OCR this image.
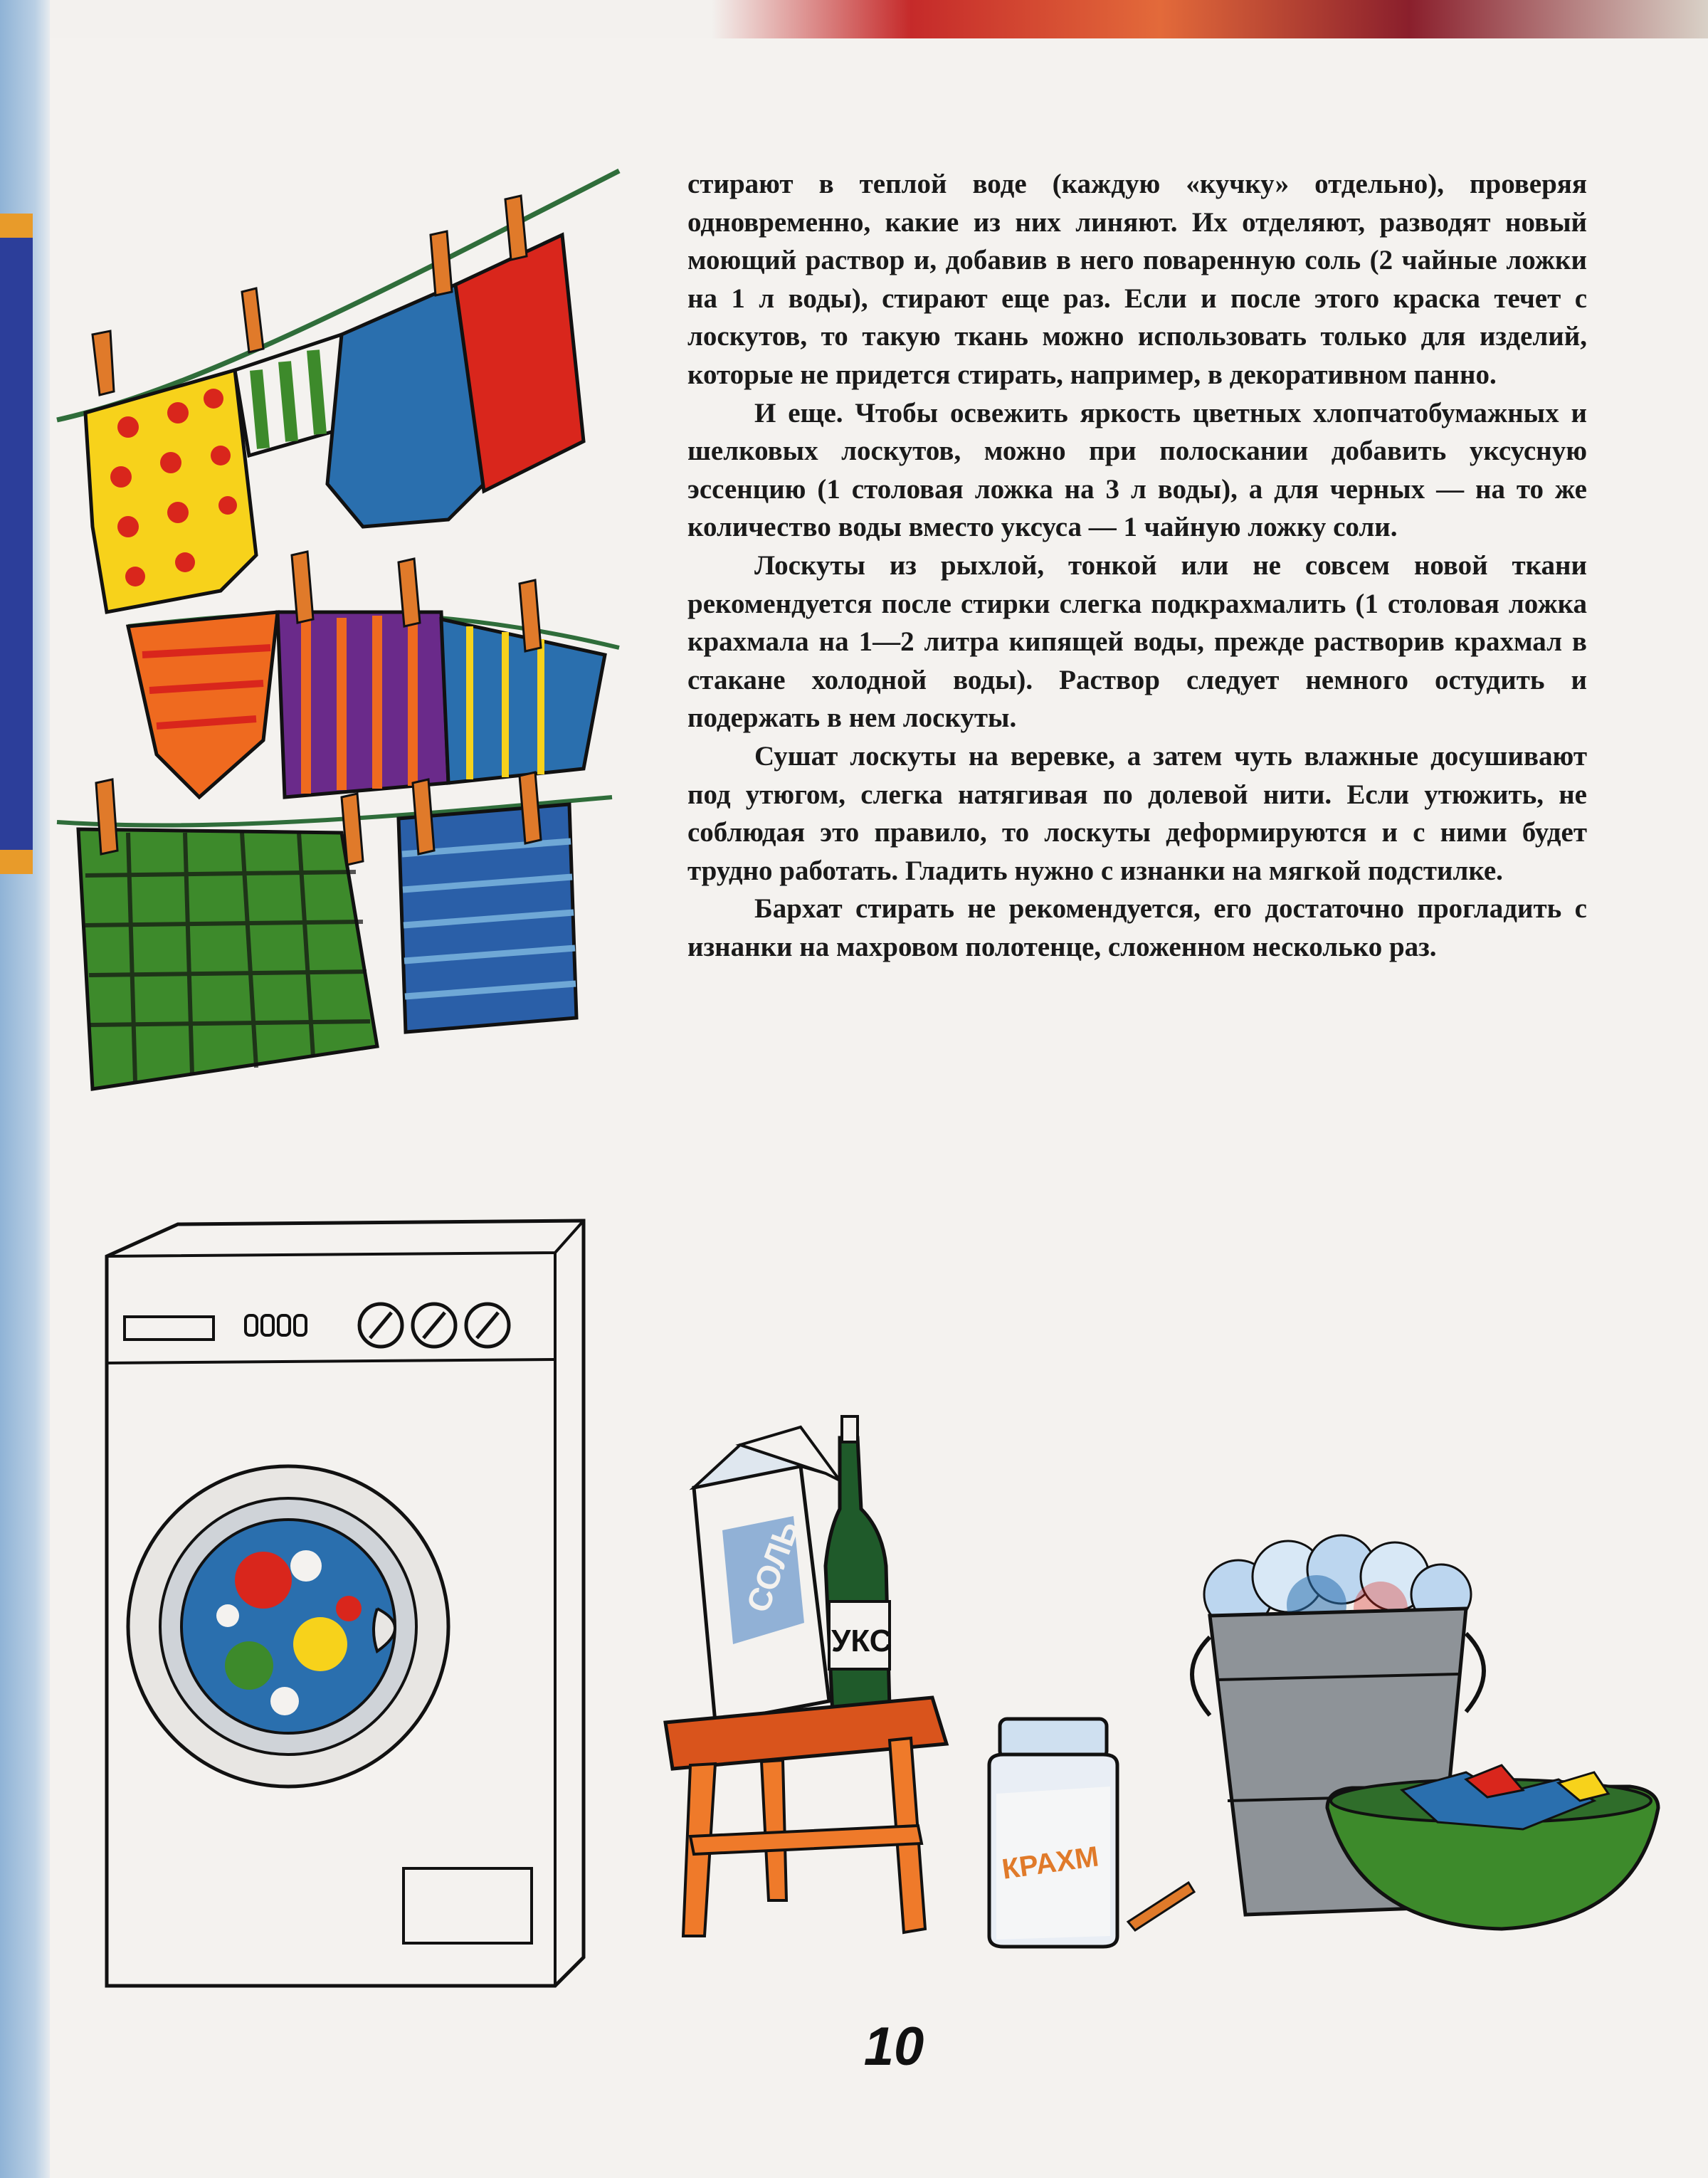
стирают в теплой воде (каждую «кучку» отдельно), проверяя одновременно, какие из них линяют. Их отделяют, разводят новый моющий раствор и, добавив в него поваренную соль (2 чайные ложки на 1 л воды), стирают еще раз. Если и после этого краска течет с лоскутов, то такую ткань можно использовать только для изделий, которые не придется стирать, например, в декоративном панно.

И еще. Чтобы освежить яркость цветных хлопчатобумажных и шелковых лоскутов, можно при полоскании добавить уксусную эссенцию (1 столовая ложка на 3 л воды), а для черных — на то же количество воды вместо уксуса — 1 чайную ложку соли.

Лоскуты из рыхлой, тонкой или не совсем новой ткани рекомендуется после стирки слегка подкрахмалить (1 столовая ложка крахмала на 1—2 литра кипящей воды, прежде растворив крахмал в стакане холодной воды). Раствор следует немного остудить и подержать в нем лоскуты.

Сушат лоскуты на веревке, а затем чуть влажные досушивают под утюгом, слегка натягивая по долевой нити. Если утюжить, не соблюдая это правило, то лоскуты деформируются и с ними будет трудно работать. Гладить нужно с изнанки на мягкой подстилке.

Бархат стирать не рекомендуется, его достаточно прогладить с изнанки на махровом полотенце, сложенном несколько раз.

СОЛЬ
УКС
КРАХМ
10
